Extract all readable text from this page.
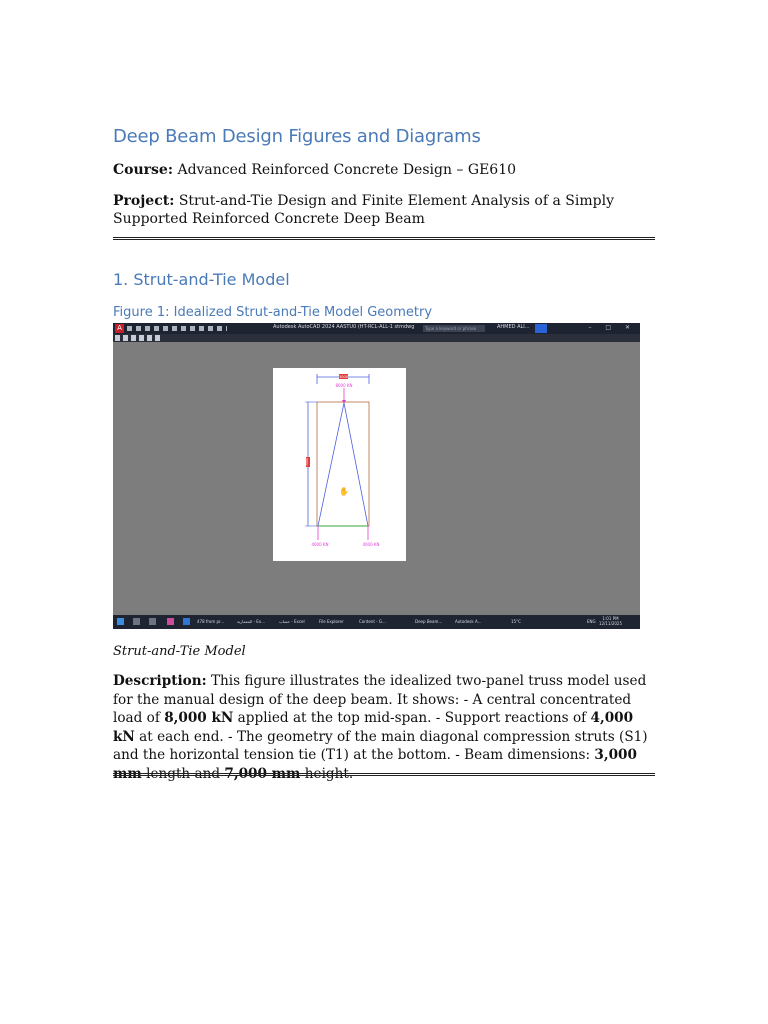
Deep Beam Design Figures and Diagrams
Course: Advanced Reinforced Concrete Design – GE610
Project: Strut-and-Tie Design and Finite Element Analysis of a Simply Supported Reinforced Concrete Deep Beam
1. Strut-and-Tie Model
Figure 1: Idealized Strut-and-Tie Model Geometry
A	Autodesk AutoCAD 2024 AASTU0 (HT-RCL-ALL-1 stmdwg	Type a keyword or phrase	AHMED ALI...	– □ ✕
3000
8000 KN
7000
4000 KN	4000 KN
✋
478 from pr...	المعمارية - Ex...	حساب - Excel	File Explorer	Content - G...	Deep Beam...	Autodesk A...	15°C	ENG
1:01 PM
12/11/2025
Strut-and-Tie Model
Description: This figure illustrates the idealized two-panel truss model used for the manual design of the deep beam. It shows: - A central concentrated load of 8,000 kN applied at the top mid-span. - Support reactions of 4,000 kN at each end. - The geometry of the main diagonal compression struts (S1) and the horizontal tension tie (T1) at the bottom. - Beam dimensions: 3,000 mm length and 7,000 mm height.
